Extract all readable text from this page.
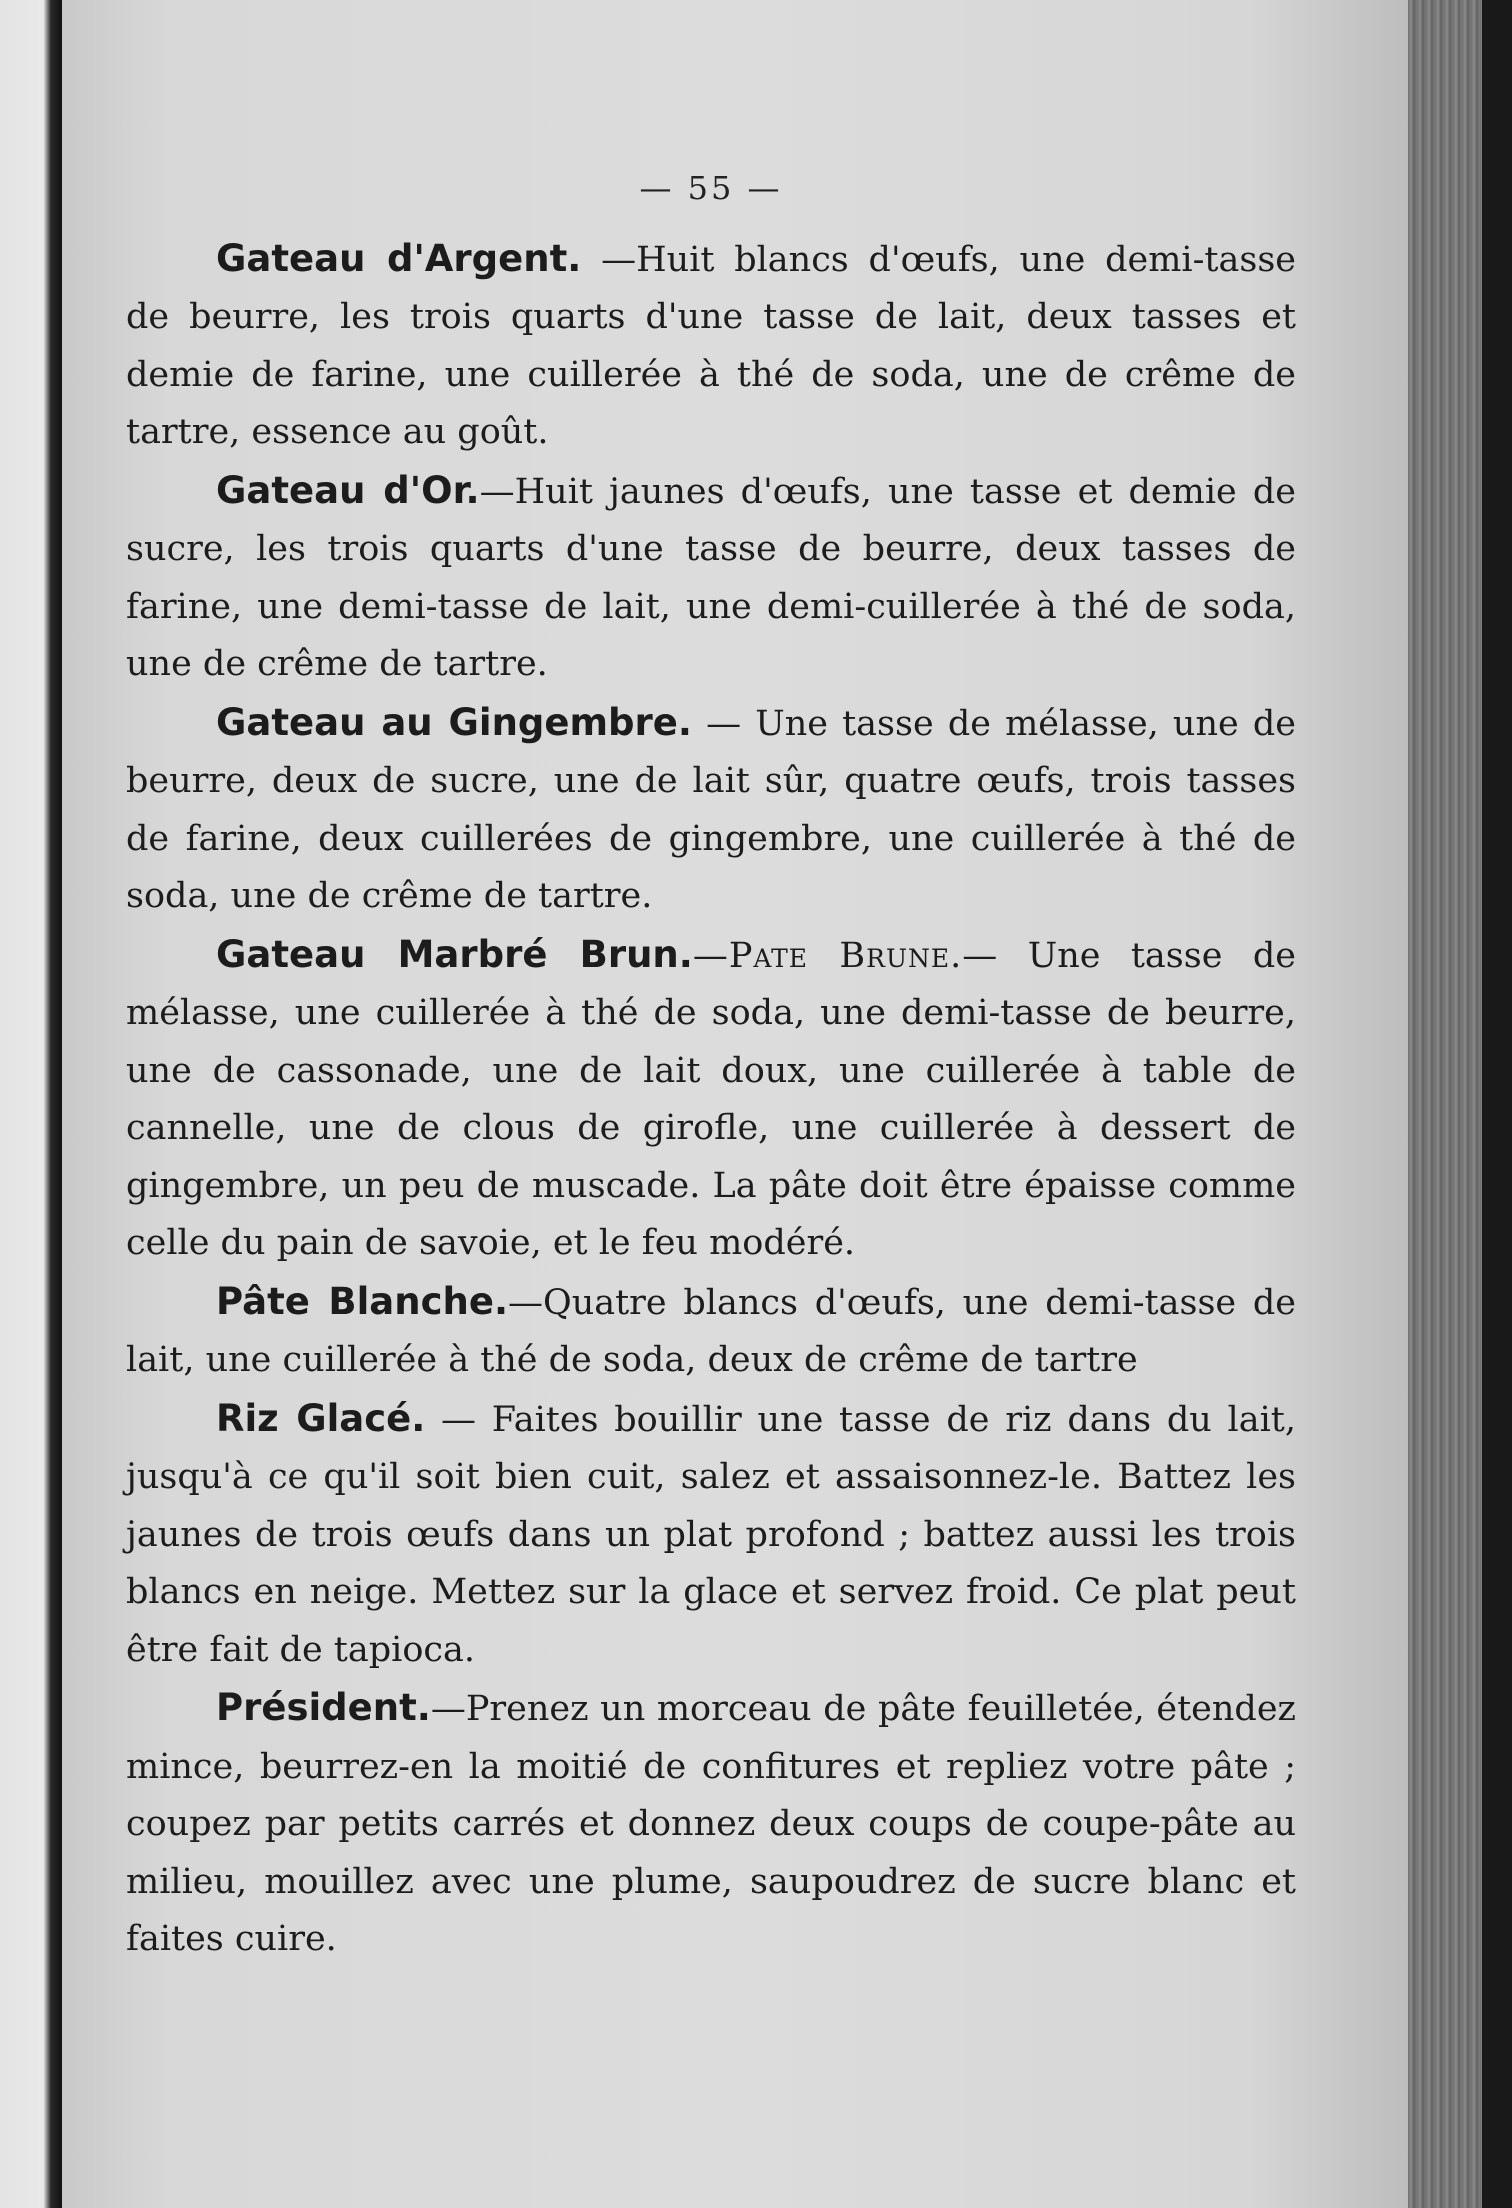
— 55 —

Gateau d'Argent. —Huit blancs d'œufs, une demi-tasse de beurre, les trois quarts d'une tasse de lait, deux tasses et demie de farine, une cuillerée à thé de soda, une de crême de tartre, essence au goût.

Gateau d'Or.—Huit jaunes d'œufs, une tasse et demie de sucre, les trois quarts d'une tasse de beurre, deux tasses de farine, une demi-tasse de lait, une demi-cuillerée à thé de soda, une de crême de tartre.

Gateau au Gingembre. — Une tasse de mélasse, une de beurre, deux de sucre, une de lait sûr, quatre œufs, trois tasses de farine, deux cuillerées de gingembre, une cuillerée à thé de soda, une de crême de tartre.

Gateau Marbré Brun.—Pate Brune.— Une tasse de mélasse, une cuillerée à thé de soda, une demi-tasse de beurre, une de cassonade, une de lait doux, une cuillerée à table de cannelle, une de clous de girofle, une cuillerée à dessert de gingembre, un peu de muscade. La pâte doit être épaisse comme celle du pain de savoie, et le feu modéré.

Pâte Blanche.—Quatre blancs d'œufs, une demi-tasse de lait, une cuillerée à thé de soda, deux de crême de tartre

Riz Glacé. — Faites bouillir une tasse de riz dans du lait, jusqu'à ce qu'il soit bien cuit, salez et assaisonnez-le. Battez les jaunes de trois œufs dans un plat profond ; battez aussi les trois blancs en neige. Mettez sur la glace et servez froid. Ce plat peut être fait de tapioca.

Président.—Prenez un morceau de pâte feuilletée, étendez mince, beurrez-en la moitié de confitures et repliez votre pâte ; coupez par petits carrés et donnez deux coups de coupe-pâte au milieu, mouillez avec une plume, saupoudrez de sucre blanc et faites cuire.
